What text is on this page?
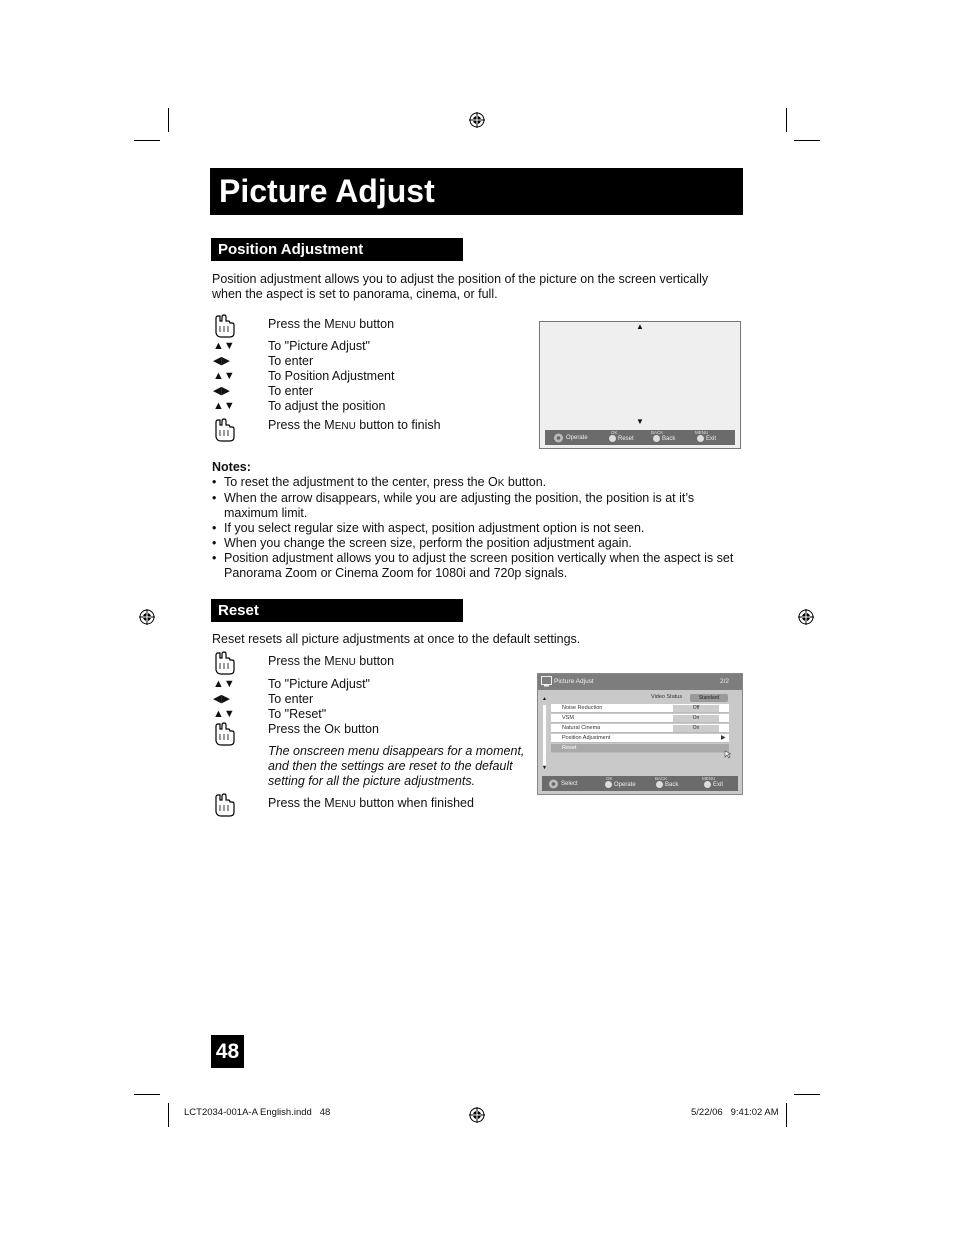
Picture Adjust
Position Adjustment
Position adjustment allows you to adjust the position of the picture on the screen vertically
when the aspect is set to panorama, cinema, or full.
Press the MENU button
▲▼	To "Picture Adjust"
◀▶	To enter
▲▼	To Position Adjustment
◀▶	To enter
▲▼	To adjust the position
Press the MENU button to finish
▲
▼
Operate
OK
Reset
BACK
Back
MENU
Exit
Notes:
• To reset the adjustment to the center, press the OK button.
• When the arrow disappears, while you are adjusting the position, the position is at it’s
maximum limit.
• If you select regular size with aspect, position adjustment option is not seen.
• When you change the screen size, perform the position adjustment again.
• Position adjustment allows you to adjust the screen position vertically when the aspect is set
Panorama Zoom or Cinema Zoom for 1080i and 720p signals.
Reset
Reset resets all picture adjustments at once to the default settings.
Press the MENU button
▲▼	To "Picture Adjust"
◀▶	To enter
▲▼	To "Reset"
Press the OK button
The onscreen menu disappears for a moment,
and then the settings are reset to the default
setting for all the picture adjustments.
Press the MENU button when finished
Picture Adjust	2/2
Video Status	Standard
▲
▼
Noise Reduction	Off
VSM	On
Natural Cinema	On
Position Adjustment	▶
Reset
Select
OK
Operate
BACK
Back
MENU
Exit
48
LCT2034-001A-A English.indd   48	5/22/06   9:41:02 AM
